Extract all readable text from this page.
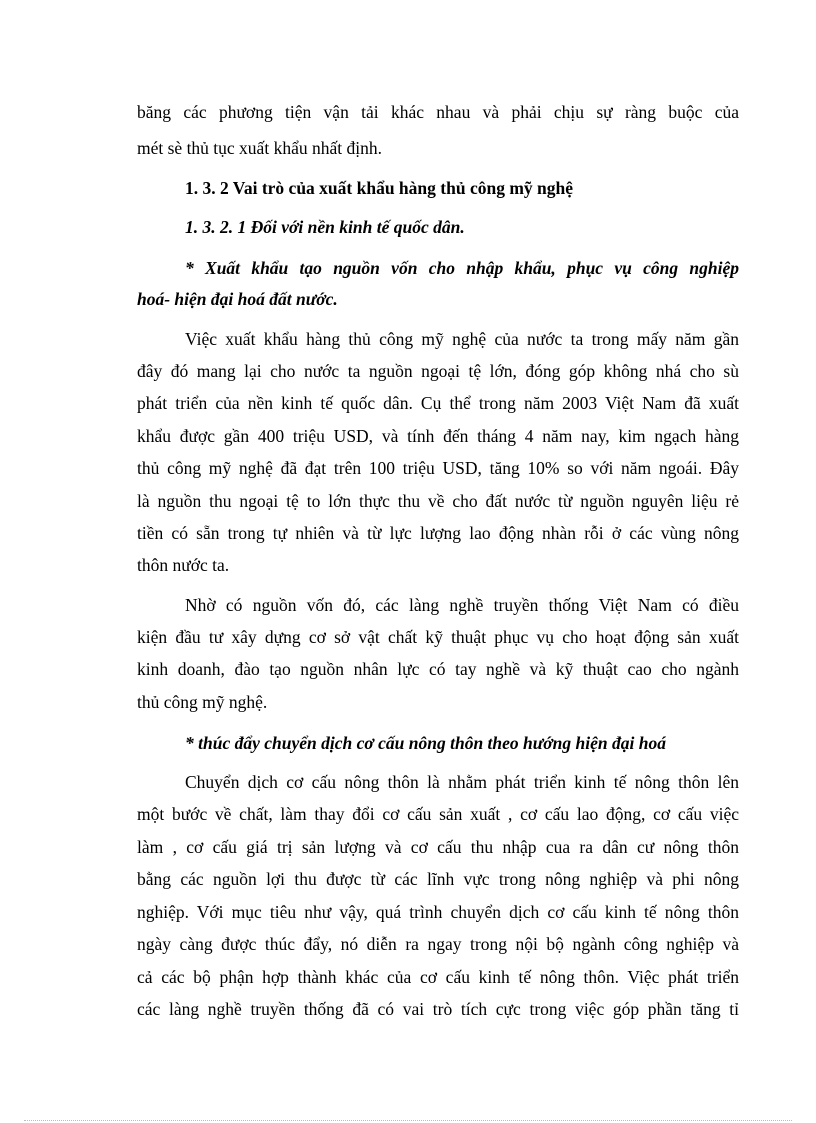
băng các phương tiện vận tải khác nhau và phải chịu sự ràng buộc của
mét sè thủ tục xuất khẩu nhất định.
1. 3. 2 Vai trò của xuất khẩu hàng thủ công mỹ nghệ
1. 3. 2. 1 Đối với nền kinh tế quốc dân.
* Xuất khẩu tạo nguồn vốn cho nhập khẩu, phục vụ công nghiệp
hoá- hiện đại hoá đất nước.
Việc xuất khẩu hàng thủ công mỹ nghệ của nước ta trong mấy năm gần
đây đó mang lại cho nước ta nguồn ngoại tệ lớn, đóng góp không nhá cho sù
phát triển của nền kinh tế quốc dân. Cụ thể trong năm 2003 Việt Nam đã xuất
khẩu được gần 400 triệu USD, và tính đến tháng 4 năm nay, kim ngạch hàng
thủ công mỹ nghệ đã đạt trên 100 triệu USD, tăng 10% so với năm ngoái. Đây
là nguồn thu ngoại tệ to lớn thực thu về cho đất nước từ nguồn nguyên liệu rẻ
tiền có sẵn trong tự nhiên và từ lực lượng lao động nhàn rỗi ở các vùng nông
thôn nước ta.
Nhờ có nguồn vốn đó, các làng nghề truyền thống Việt Nam có điều
kiện đầu tư xây dựng cơ sở vật chất kỹ thuật phục vụ cho hoạt động sản xuất
kinh doanh, đào tạo nguồn nhân lực có tay nghề và kỹ thuật cao cho ngành
thủ công mỹ nghệ.
* thúc đẩy chuyển dịch cơ cấu nông thôn theo hướng hiện đại hoá
Chuyển dịch cơ cấu nông thôn là nhằm phát triển kinh tế nông thôn lên
một bước về chất, làm thay đổi cơ cấu sản xuất , cơ cấu lao động, cơ cấu việc
làm , cơ cấu giá trị sản lượng và cơ cấu thu nhập cua ra dân cư nông thôn
bằng các nguồn lợi thu được từ các lĩnh vực trong nông nghiệp và phi nông
nghiệp. Với mục tiêu như vậy, quá trình chuyển dịch cơ cấu kinh tế nông thôn
ngày càng được thúc đẩy, nó diễn ra ngay trong nội bộ ngành công nghiệp và
cả các bộ phận hợp thành khác của cơ cấu kinh tế nông thôn. Việc phát triển
các làng nghề truyền thống đã có vai trò tích cực trong việc góp phần tăng tỉ
